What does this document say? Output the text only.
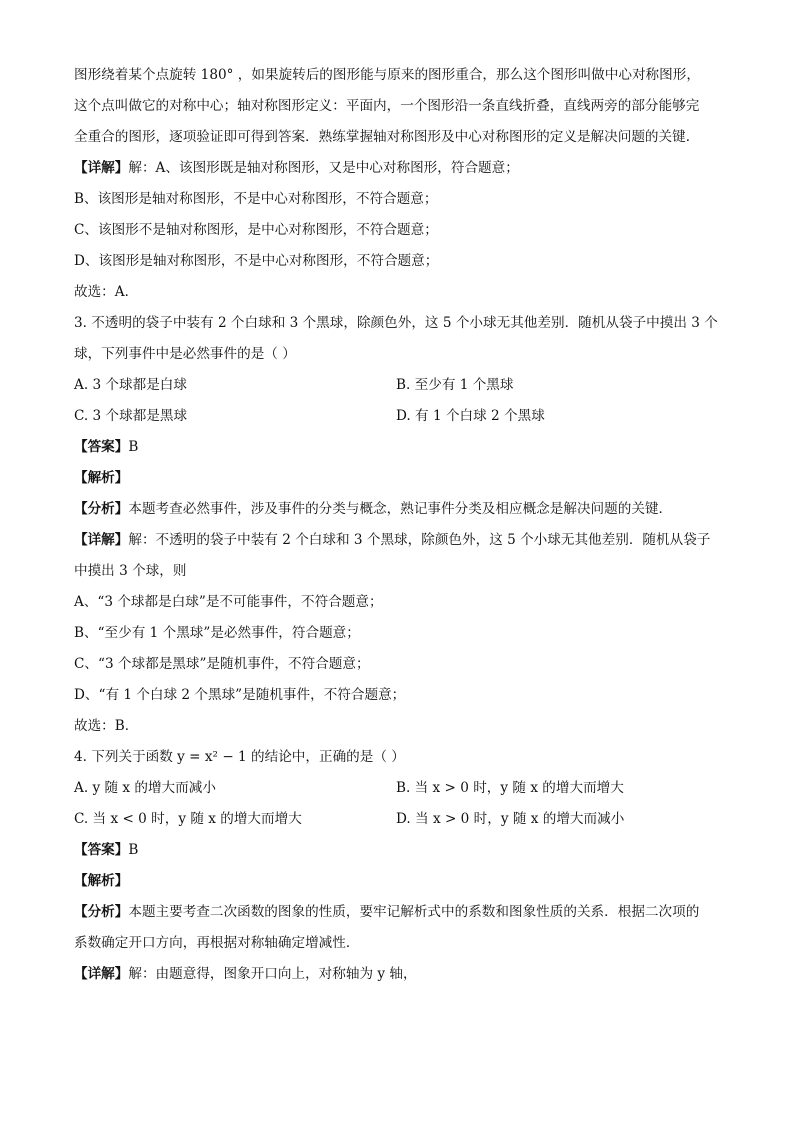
图形绕着某个点旋转 180° ，如果旋转后的图形能与原来的图形重合，那么这个图形叫做中心对称图形，
这个点叫做它的对称中心；轴对称图形定义：平面内，一个图形沿一条直线折叠，直线两旁的部分能够完
全重合的图形，逐项验证即可得到答案．熟练掌握轴对称图形及中心对称图形的定义是解决问题的关键．
【详解】解：A、该图形既是轴对称图形，又是中心对称图形，符合题意；
B、该图形是轴对称图形，不是中心对称图形，不符合题意；
C、该图形不是轴对称图形，是中心对称图形，不符合题意；
D、该图形是轴对称图形，不是中心对称图形，不符合题意；
故选：A．
3. 不透明的袋子中装有 2 个白球和 3 个黑球，除颜色外，这 5 个小球无其他差别．随机从袋子中摸出 3 个
球，下列事件中是必然事件的是（ ）
A. 3 个球都是白球	B. 至少有 1 个黑球
C. 3 个球都是黑球	D. 有 1 个白球 2 个黑球
【答案】B
【解析】
【分析】本题考查必然事件，涉及事件的分类与概念，熟记事件分类及相应概念是解决问题的关键．
【详解】解：不透明的袋子中装有 2 个白球和 3 个黑球，除颜色外，这 5 个小球无其他差别．随机从袋子
中摸出 3 个球，则
A、“3 个球都是白球”是不可能事件，不符合题意；
B、“至少有 1 个黑球”是必然事件，符合题意；
C、“3 个球都是黑球”是随机事件，不符合题意；
D、“有 1 个白球 2 个黑球”是随机事件，不符合题意；
故选：B．
4. 下列关于函数 y = x² − 1 的结论中，正确的是（ ）
A. y 随 x 的增大而减小	B. 当 x > 0 时，y 随 x 的增大而增大
C. 当 x < 0 时，y 随 x 的增大而增大	D. 当 x > 0 时，y 随 x 的增大而减小
【答案】B
【解析】
【分析】本题主要考查二次函数的图象的性质，要牢记解析式中的系数和图象性质的关系．根据二次项的
系数确定开口方向，再根据对称轴确定增减性．
【详解】解：由题意得，图象开口向上，对称轴为 y 轴，
